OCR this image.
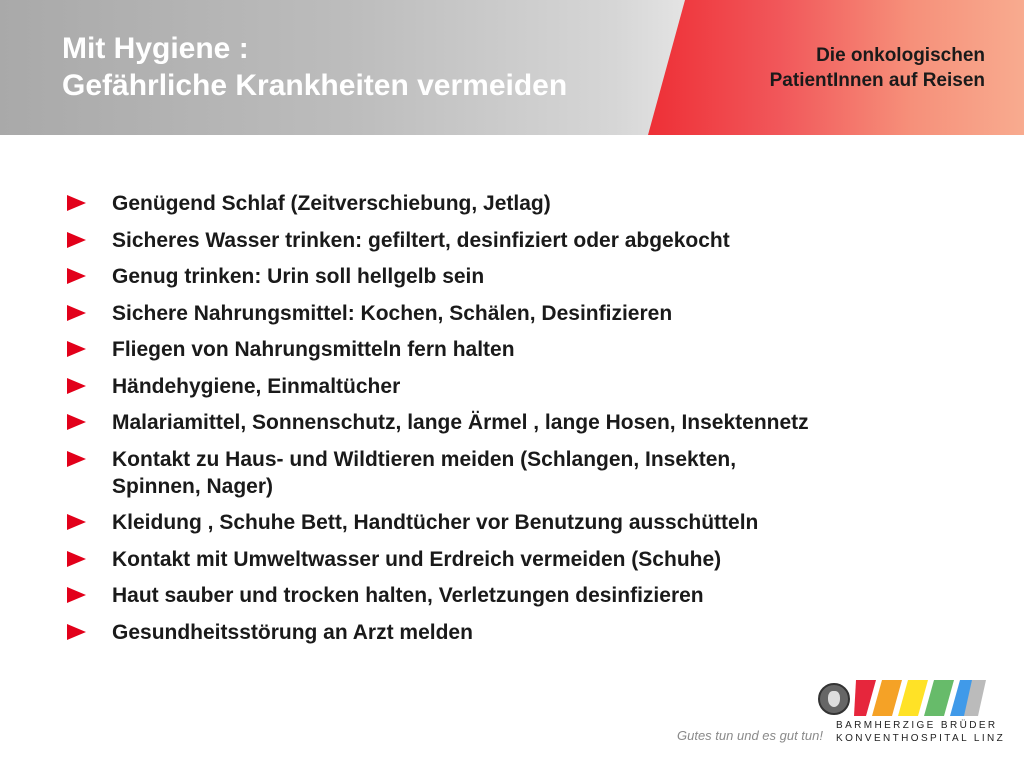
Mit Hygiene :
Gefährliche Krankheiten vermeiden
Die onkologischen
PatientInnen auf Reisen
Genügend Schlaf (Zeitverschiebung, Jetlag)
Sicheres Wasser trinken: gefiltert, desinfiziert oder abgekocht
Genug trinken: Urin soll hellgelb sein
Sichere Nahrungsmittel: Kochen, Schälen, Desinfizieren
Fliegen von Nahrungsmitteln fern halten
Händehygiene, Einmaltücher
Malariamittel, Sonnenschutz, lange Ärmel , lange Hosen, Insektennetz
Kontakt zu Haus- und Wildtieren meiden (Schlangen, Insekten,
Spinnen, Nager)
Kleidung , Schuhe Bett, Handtücher vor Benutzung ausschütteln
Kontakt mit Umweltwasser und Erdreich vermeiden (Schuhe)
Haut sauber und trocken halten, Verletzungen desinfizieren
Gesundheitsstörung an Arzt melden
Gutes tun und es gut tun!
BARMHERZIGE BRÜDER
KONVENTHOSPITAL LINZ
